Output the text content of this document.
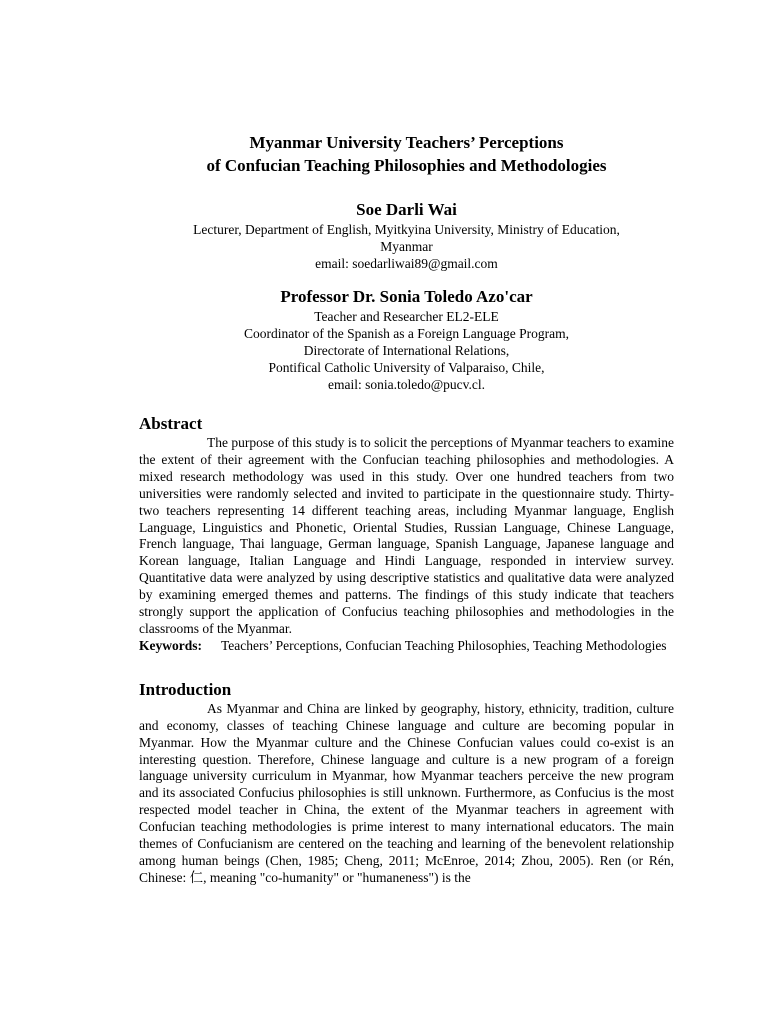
Myanmar University Teachers’ Perceptions

of Confucian Teaching Philosophies and Methodologies

Soe Darli Wai

Lecturer, Department of English, Myitkyina University, Ministry of Education,

Myanmar

email: soedarliwai89@gmail.com

Professor Dr. Sonia Toledo Azo'car

Teacher and Researcher EL2-ELE

Coordinator of the Spanish as a Foreign Language Program,

Directorate of International Relations,

Pontifical Catholic University of Valparaiso, Chile,

email: sonia.toledo@pucv.cl.

Abstract

The purpose of this study is to solicit the perceptions of Myanmar teachers to examine the extent of their agreement with the Confucian teaching philosophies and methodologies. A mixed research methodology was used in this study. Over one hundred teachers from two universities were randomly selected and invited to participate in the questionnaire study. Thirty-two teachers representing 14 different teaching areas, including Myanmar language, English Language, Linguistics and Phonetic, Oriental Studies, Russian Language, Chinese Language, French language, Thai language, German language, Spanish Language, Japanese language and Korean language, Italian Language and Hindi Language, responded in interview survey. Quantitative data were analyzed by using descriptive statistics and qualitative data were analyzed by examining emerged themes and patterns. The findings of this study indicate that teachers strongly support the application of Confucius teaching philosophies and methodologies in the classrooms of the Myanmar.

Keywords:	Teachers’ Perceptions, Confucian Teaching Philosophies, Teaching Methodologies

Introduction

As Myanmar and China are linked by geography, history, ethnicity, tradition, culture and economy, classes of teaching Chinese language and culture are becoming popular in Myanmar. How the Myanmar culture and the Chinese Confucian values could co-exist is an interesting question. Therefore, Chinese language and culture is a new program of a foreign language university curriculum in Myanmar, how Myanmar teachers perceive the new program and its associated Confucius philosophies is still unknown. Furthermore, as Confucius is the most respected model teacher in China, the extent of the Myanmar teachers in agreement with Confucian teaching methodologies is prime interest to many international educators. The main themes of Confucianism are centered on the teaching and learning of the benevolent relationship among human beings (Chen, 1985; Cheng, 2011; McEnroe, 2014; Zhou, 2005). Ren (or Rén, Chinese: 仁, meaning "co-humanity" or "humaneness") is the
